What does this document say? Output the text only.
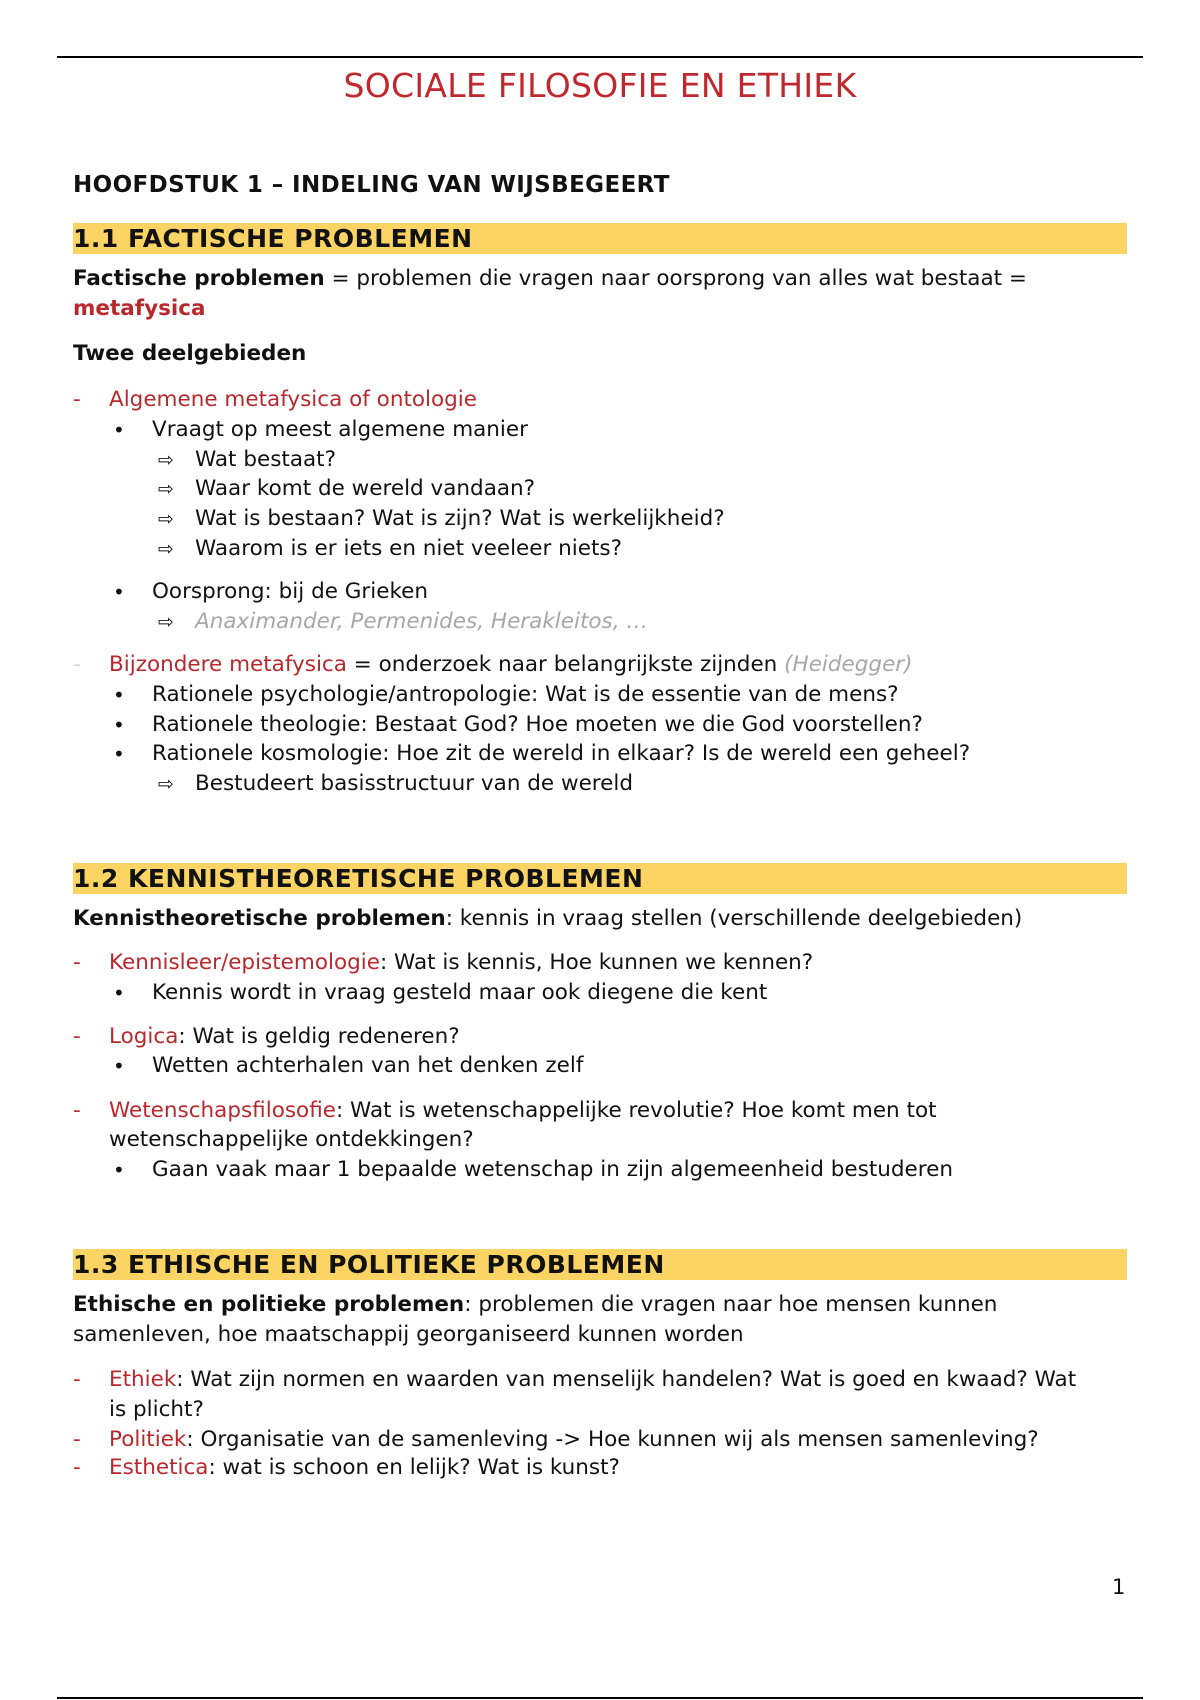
SOCIALE FILOSOFIE EN ETHIEK
HOOFDSTUK 1 – INDELING VAN WIJSBEGEERT
1.1 FACTISCHE PROBLEMEN
Factische problemen = problemen die vragen naar oorsprong van alles wat bestaat =
metafysica
Twee deelgebieden
- Algemene metafysica of ontologie
• Vraagt op meest algemene manier
⇨ Wat bestaat?
⇨ Waar komt de wereld vandaan?
⇨ Wat is bestaan? Wat is zijn? Wat is werkelijkheid?
⇨ Waarom is er iets en niet veeleer niets?
• Oorsprong: bij de Grieken
⇨ Anaximander, Permenides, Herakleitos, …
- Bijzondere metafysica = onderzoek naar belangrijkste zijnden (Heidegger)
• Rationele psychologie/antropologie: Wat is de essentie van de mens?
• Rationele theologie: Bestaat God? Hoe moeten we die God voorstellen?
• Rationele kosmologie: Hoe zit de wereld in elkaar? Is de wereld een geheel?
⇨ Bestudeert basisstructuur van de wereld
1.2 KENNISTHEORETISCHE PROBLEMEN
Kennistheoretische problemen: kennis in vraag stellen (verschillende deelgebieden)
- Kennisleer/epistemologie: Wat is kennis, Hoe kunnen we kennen?
• Kennis wordt in vraag gesteld maar ook diegene die kent
- Logica: Wat is geldig redeneren?
• Wetten achterhalen van het denken zelf
- Wetenschapsfilosofie: Wat is wetenschappelijke revolutie? Hoe komt men tot
wetenschappelijke ontdekkingen?
• Gaan vaak maar 1 bepaalde wetenschap in zijn algemeenheid bestuderen
1.3 ETHISCHE EN POLITIEKE PROBLEMEN
Ethische en politieke problemen: problemen die vragen naar hoe mensen kunnen
samenleven, hoe maatschappij georganiseerd kunnen worden
- Ethiek: Wat zijn normen en waarden van menselijk handelen? Wat is goed en kwaad? Wat
is plicht?
- Politiek: Organisatie van de samenleving -> Hoe kunnen wij als mensen samenleving?
- Esthetica: wat is schoon en lelijk? Wat is kunst?
1
